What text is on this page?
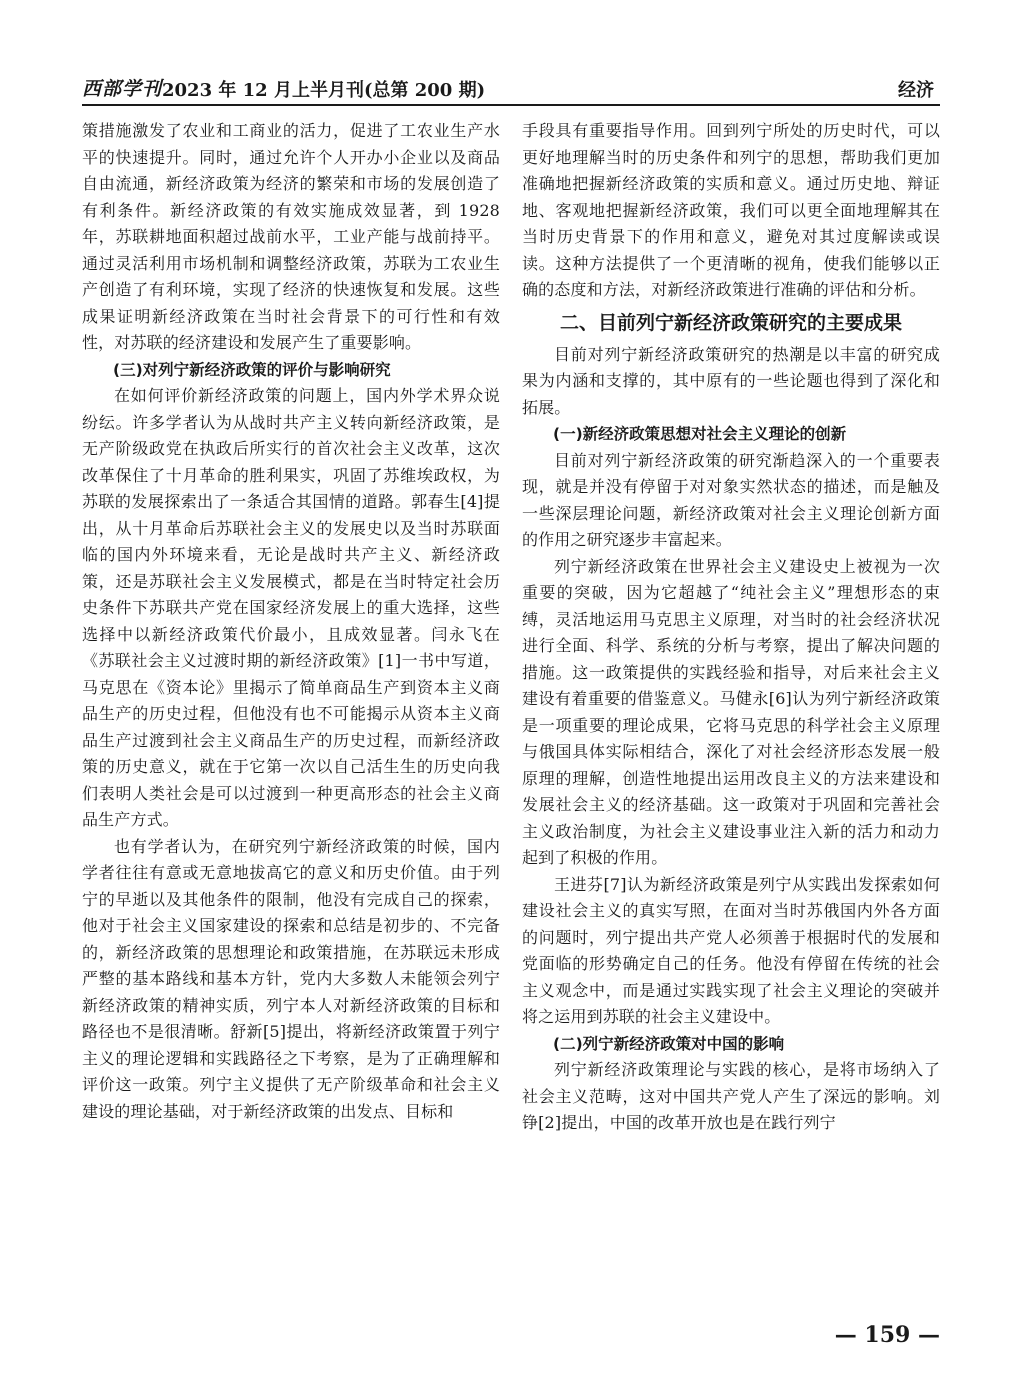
西部学刊 2023 年 12 月上半月刊(总第 200 期)	经济

策措施激发了农业和工商业的活力，促进了工农业生产水平的快速提升。同时，通过允许个人开办小企业以及商品自由流通，新经济政策为经济的繁荣和市场的发展创造了有利条件。新经济政策的有效实施成效显著，到 1928 年，苏联耕地面积超过战前水平，工业产能与战前持平。通过灵活利用市场机制和调整经济政策，苏联为工农业生产创造了有利环境，实现了经济的快速恢复和发展。这些成果证明新经济政策在当时社会背景下的可行性和有效性，对苏联的经济建设和发展产生了重要影响。

(三)对列宁新经济政策的评价与影响研究

在如何评价新经济政策的问题上，国内外学术界众说纷纭。许多学者认为从战时共产主义转向新经济政策，是无产阶级政党在执政后所实行的首次社会主义改革，这次改革保住了十月革命的胜利果实，巩固了苏维埃政权，为苏联的发展探索出了一条适合其国情的道路。郭春生[4]提出，从十月革命后苏联社会主义的发展史以及当时苏联面临的国内外环境来看，无论是战时共产主义、新经济政策，还是苏联社会主义发展模式，都是在当时特定社会历史条件下苏联共产党在国家经济发展上的重大选择，这些选择中以新经济政策代价最小，且成效显著。闫永飞在《苏联社会主义过渡时期的新经济政策》[1]一书中写道，马克思在《资本论》里揭示了简单商品生产到资本主义商品生产的历史过程，但他没有也不可能揭示从资本主义商品生产过渡到社会主义商品生产的历史过程，而新经济政策的历史意义，就在于它第一次以自己活生生的历史向我们表明人类社会是可以过渡到一种更高形态的社会主义商品生产方式。

也有学者认为，在研究列宁新经济政策的时候，国内学者往往有意或无意地拔高它的意义和历史价值。由于列宁的早逝以及其他条件的限制，他没有完成自己的探索，他对于社会主义国家建设的探索和总结是初步的、不完备的，新经济政策的思想理论和政策措施，在苏联远未形成严整的基本路线和基本方针，党内大多数人未能领会列宁新经济政策的精神实质，列宁本人对新经济政策的目标和路径也不是很清晰。舒新[5]提出，将新经济政策置于列宁主义的理论逻辑和实践路径之下考察，是为了正确理解和评价这一政策。列宁主义提供了无产阶级革命和社会主义建设的理论基础，对于新经济政策的出发点、目标和

手段具有重要指导作用。回到列宁所处的历史时代，可以更好地理解当时的历史条件和列宁的思想，帮助我们更加准确地把握新经济政策的实质和意义。通过历史地、辩证地、客观地把握新经济政策，我们可以更全面地理解其在当时历史背景下的作用和意义，避免对其过度解读或误读。这种方法提供了一个更清晰的视角，使我们能够以正确的态度和方法，对新经济政策进行准确的评估和分析。

二、目前列宁新经济政策研究的主要成果

目前对列宁新经济政策研究的热潮是以丰富的研究成果为内涵和支撑的，其中原有的一些论题也得到了深化和拓展。

(一)新经济政策思想对社会主义理论的创新

目前对列宁新经济政策的研究渐趋深入的一个重要表现，就是并没有停留于对对象实然状态的描述，而是触及一些深层理论问题，新经济政策对社会主义理论创新方面的作用之研究逐步丰富起来。

列宁新经济政策在世界社会主义建设史上被视为一次重要的突破，因为它超越了“纯社会主义”理想形态的束缚，灵活地运用马克思主义原理，对当时的社会经济状况进行全面、科学、系统的分析与考察，提出了解决问题的措施。这一政策提供的实践经验和指导，对后来社会主义建设有着重要的借鉴意义。马健永[6]认为列宁新经济政策是一项重要的理论成果，它将马克思的科学社会主义原理与俄国具体实际相结合，深化了对社会经济形态发展一般原理的理解，创造性地提出运用改良主义的方法来建设和发展社会主义的经济基础。这一政策对于巩固和完善社会主义政治制度，为社会主义建设事业注入新的活力和动力起到了积极的作用。

王进芬[7]认为新经济政策是列宁从实践出发探索如何建设社会主义的真实写照，在面对当时苏俄国内外各方面的问题时，列宁提出共产党人必须善于根据时代的发展和党面临的形势确定自己的任务。他没有停留在传统的社会主义观念中，而是通过实践实现了社会主义理论的突破并将之运用到苏联的社会主义建设中。

(二)列宁新经济政策对中国的影响

列宁新经济政策理论与实践的核心，是将市场纳入了社会主义范畴，这对中国共产党人产生了深远的影响。刘铮[2]提出，中国的改革开放也是在践行列宁

— 159 —
